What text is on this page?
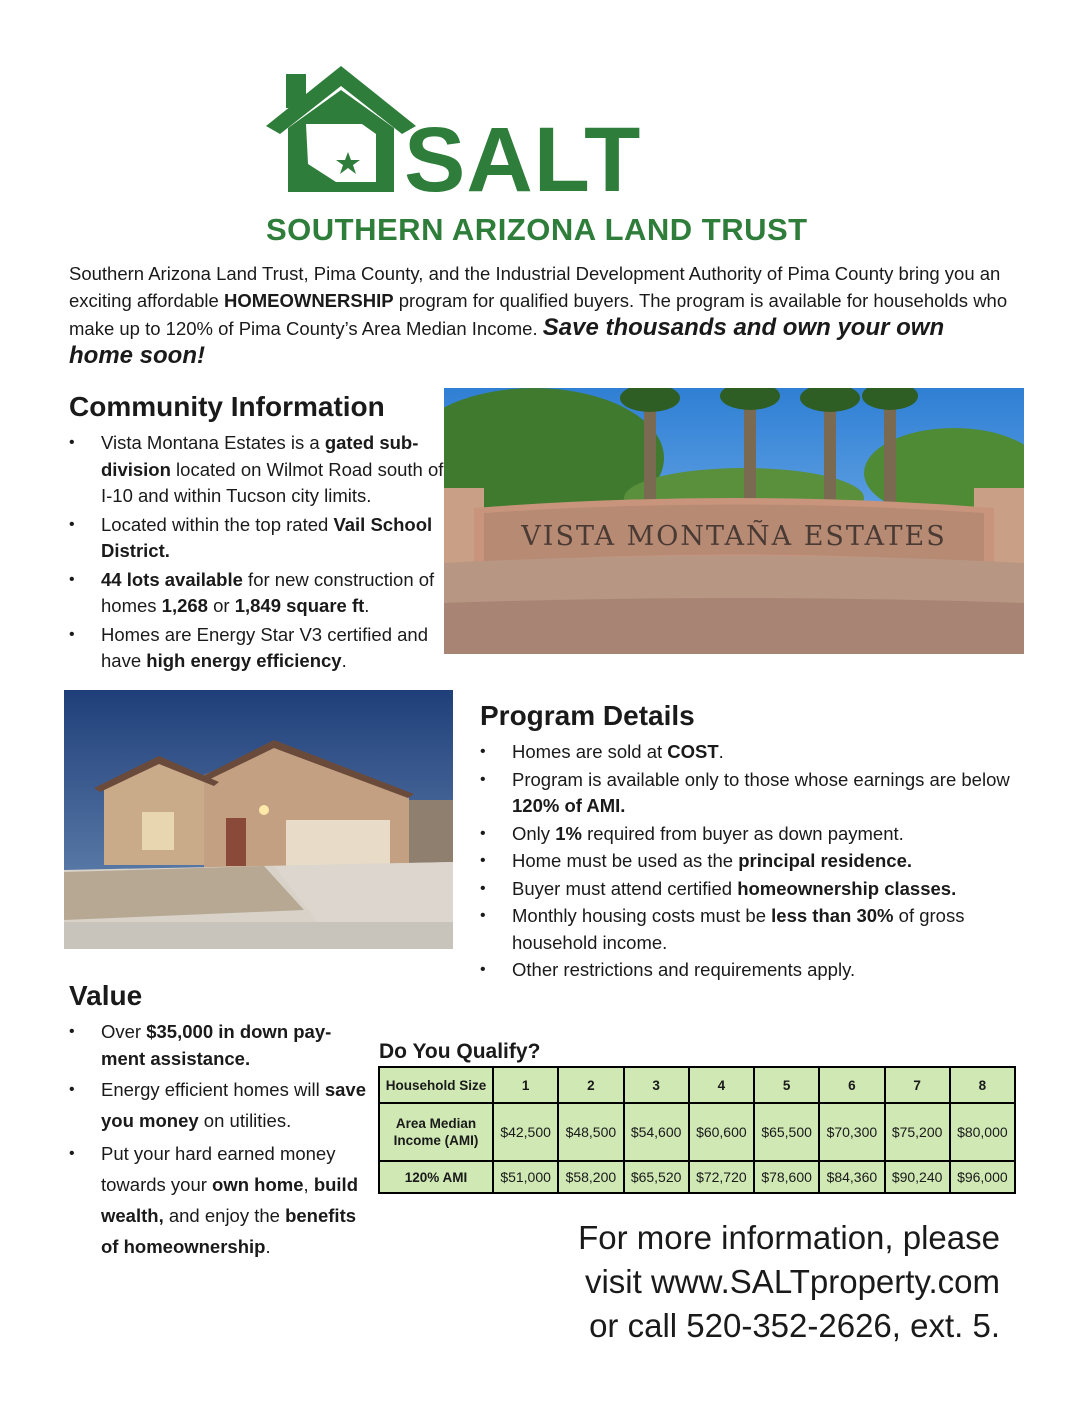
SALT
SOUTHERN ARIZONA LAND TRUST
Southern Arizona Land Trust, Pima County, and the Industrial Development Authority of Pima County bring you an exciting affordable HOMEOWNERSHIP program for qualified buyers. The program is available for households who make up to 120% of Pima County’s Area Median Income. Save thousands and own your own home soon!
Community Information
• Vista Montana Estates is a gated sub-division located on Wilmot Road south of I-10 and within Tucson city limits.
• Located within the top rated Vail School District.
• 44 lots available for new construction of homes 1,268 or 1,849 square ft.
• Homes are Energy Star V3 certified and have high energy efficiency.
VISTA MONTAÑA ESTATES
Program Details
• Homes are sold at COST.
• Program is available only to those whose earnings are below 120% of AMI.
• Only 1% required from buyer as down payment.
• Home must be used as the principal residence.
• Buyer must attend certified homeownership classes.
• Monthly housing costs must be less than 30% of gross household income.
• Other restrictions and requirements apply.
Value
• Over $35,000 in down pay-ment assistance.
• Energy efficient homes will save you money on utilities.
• Put your hard earned money towards your own home, build wealth, and enjoy the benefits of homeownership.
Do You Qualify?
Household Size	1	2	3	4	5	6	7	8
Area Median Income (AMI)	$42,500	$48,500	$54,600	$60,600	$65,500	$70,300	$75,200	$80,000
120% AMI	$51,000	$58,200	$65,520	$72,720	$78,600	$84,360	$90,240	$96,000
For more information, please
visit www.SALTproperty.com
or call 520-352-2626, ext. 5.
